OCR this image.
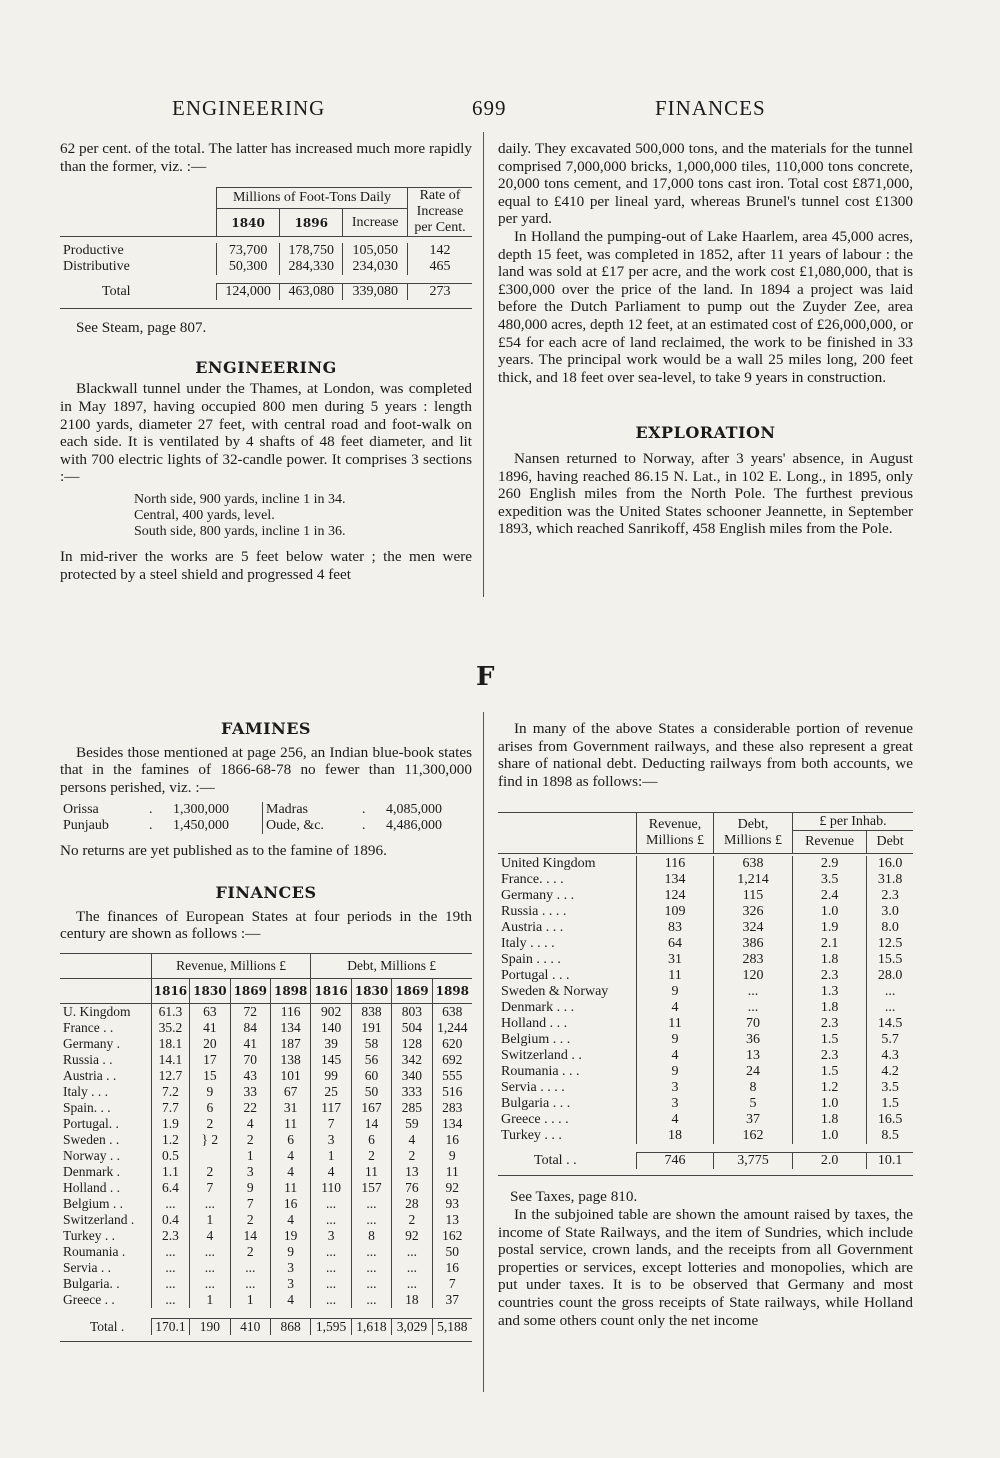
ENGINEERING	699	FINANCES

62 per cent. of the total. The latter has increased much more rapidly than the former, viz. :—

	Millions of Foot-Tons Daily			Rate of Increase per Cent.
	1840	1896	Increase	

Productive	73,700	178,750	105,050	142
Distributive	50,300	284,330	234,030	465

Total	124,000	463,080	339,080	273

See Steam, page 807.

ENGINEERING

Blackwall tunnel under the Thames, at London, was completed in May 1897, having occupied 800 men during 5 years : length 2100 yards, diameter 27 feet, with central road and foot-walk on each side. It is ventilated by 4 shafts of 48 feet diameter, and lit with 700 electric lights of 32-candle power. It comprises 3 sections :—

North side, 900 yards, incline 1 in 34.
Central, 400 yards, level.
South side, 800 yards, incline 1 in 36.

In mid-river the works are 5 feet below water ; the men were protected by a steel shield and progressed 4 feet

daily. They excavated 500,000 tons, and the materials for the tunnel comprised 7,000,000 bricks, 1,000,000 tiles, 110,000 tons concrete, 20,000 tons cement, and 17,000 tons cast iron. Total cost £871,000, equal to £410 per lineal yard, whereas Brunel's tunnel cost £1300 per yard.

In Holland the pumping-out of Lake Haarlem, area 45,000 acres, depth 15 feet, was completed in 1852, after 11 years of labour : the land was sold at £17 per acre, and the work cost £1,080,000, that is £300,000 over the price of the land. In 1894 a project was laid before the Dutch Parliament to pump out the Zuyder Zee, area 480,000 acres, depth 12 feet, at an estimated cost of £26,000,000, or £54 for each acre of land reclaimed, the work to be finished in 33 years. The principal work would be a wall 25 miles long, 200 feet thick, and 18 feet over sea-level, to take 9 years in construction.

EXPLORATION

Nansen returned to Norway, after 3 years' absence, in August 1896, having reached 86.15 N. Lat., in 102 E. Long., in 1895, only 260 English miles from the North Pole. The furthest previous expedition was the United States schooner Jeannette, in September 1893, which reached Sanrikoff, 458 English miles from the Pole.

F
FAMINES

Besides those mentioned at page 256, an Indian blue-book states that in the famines of 1866-68-78 no fewer than 11,300,000 persons perished, viz. :—

Orissa	.	1,300,000	Madras	.	4,085,000
Punjaub	.	1,450,000	Oude, &c.	.	4,486,000

No returns are yet published as to the famine of 1896.

FINANCES

The finances of European States at four periods in the 19th century are shown as follows :—

	Revenue, Millions £				Debt, Millions £			
	1816	1830	1869	1898	1816	1830	1869	1898
U. Kingdom	61.3	63	72	116	902	838	803	638
France . .	35.2	41	84	134	140	191	504	1,244
Germany .	18.1	20	41	187	39	58	128	620
Russia . .	14.1	17	70	138	145	56	342	692
Austria . .	12.7	15	43	101	99	60	340	555
Italy . . .	7.2	9	33	67	25	50	333	516
Spain. . .	7.7	6	22	31	117	167	285	283
Portugal. .	1.9	2	4	11	7	14	59	134
Sweden . .	1.2	} 2	2	6	3	6	4	16
Norway . .	0.5		1	4	1	2	2	9
Denmark .	1.1	2	3	4	4	11	13	11
Holland . .	6.4	7	9	11	110	157	76	92
Belgium . .	...	...	7	16	...	...	28	93
Switzerland .	0.4	1	2	4	...	...	2	13
Turkey . .	2.3	4	14	19	3	8	92	162
Roumania .	...	...	2	9	...	...	...	50
Servia . .	...	...	...	3	...	...	...	16
Bulgaria. .	...	...	...	3	...	...	...	7
Greece . .	...	1	1	4	...	...	18	37

Total .	170.1	190	410	868	1,595	1,618	3,029	5,188

In many of the above States a considerable portion of revenue arises from Government railways, and these also represent a great share of national debt. Deducting railways from both accounts, we find in 1898 as follows:—

	Revenue, Millions £	Debt, Millions £	£ per Inhab.	
			Revenue	Debt

United Kingdom	116	638	2.9	16.0
France. . . .	134	1,214	3.5	31.8
Germany . . .	124	115	2.4	2.3
Russia . . . .	109	326	1.0	3.0
Austria . . .	83	324	1.9	8.0
Italy . . . .	64	386	2.1	12.5
Spain . . . .	31	283	1.8	15.5
Portugal . . .	11	120	2.3	28.0
Sweden & Norway	9	...	1.3	...
Denmark . . .	4	...	1.8	...
Holland . . .	11	70	2.3	14.5
Belgium . . .	9	36	1.5	5.7
Switzerland . .	4	13	2.3	4.3
Roumania . . .	9	24	1.5	4.2
Servia . . . .	3	8	1.2	3.5
Bulgaria . . .	3	5	1.0	1.5
Greece . . . .	4	37	1.8	16.5
Turkey . . .	18	162	1.0	8.5

Total . .	746	3,775	2.0	10.1

See Taxes, page 810.

In the subjoined table are shown the amount raised by taxes, the income of State Railways, and the item of Sundries, which include postal service, crown lands, and the receipts from all Government properties or services, except lotteries and monopolies, which are put under taxes. It is to be observed that Germany and most countries count the gross receipts of State railways, while Holland and some others count only the net income
